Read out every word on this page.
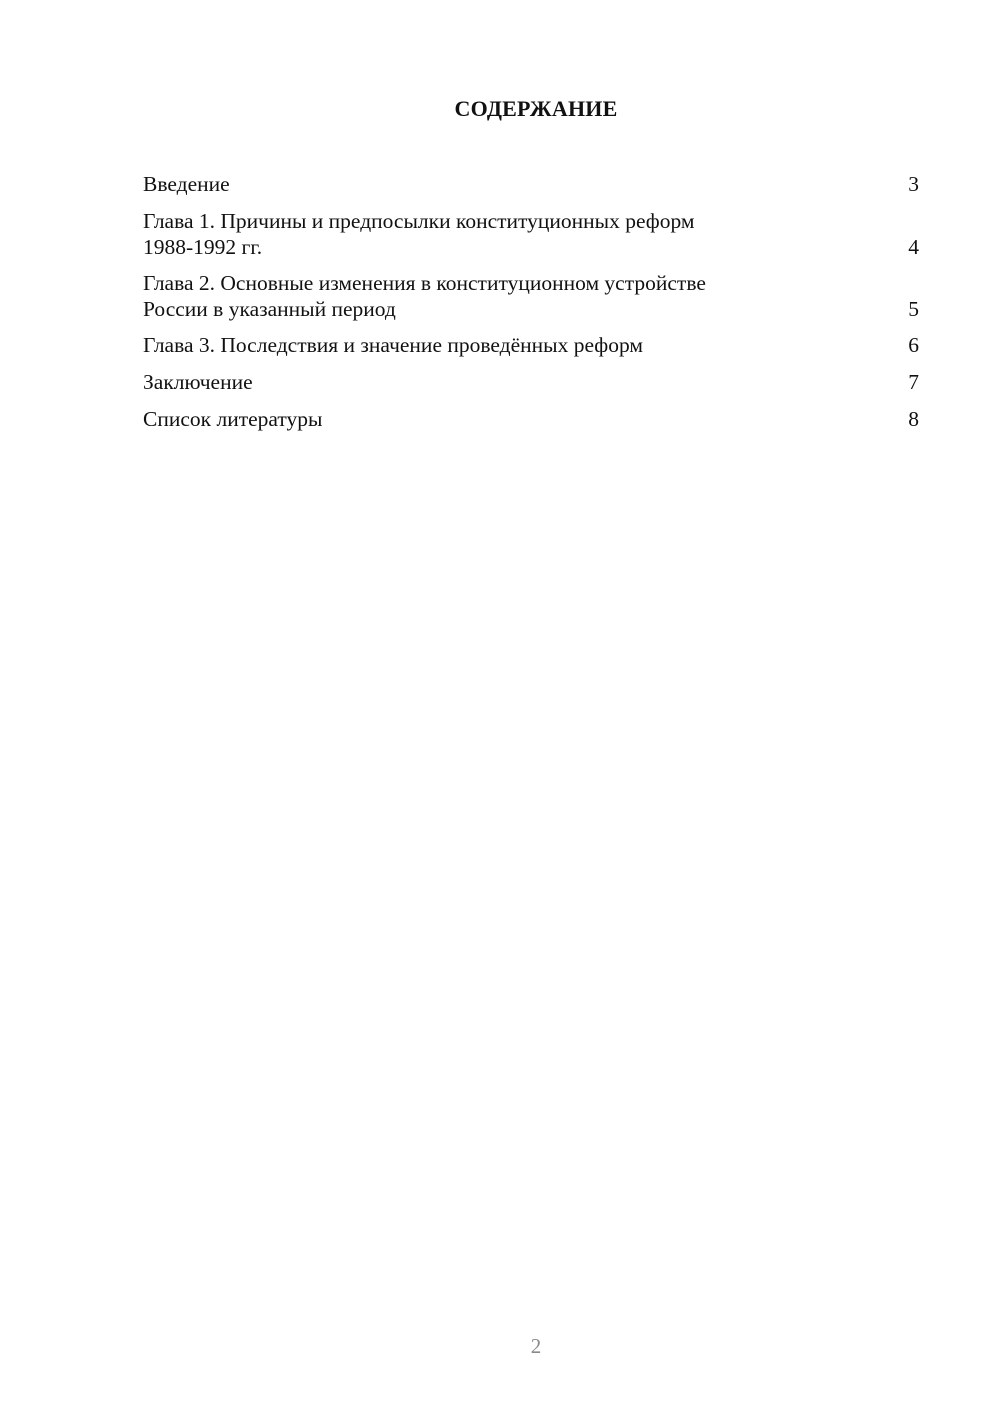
СОДЕРЖАНИЕ
Введение	3
Глава 1. Причины и предпосылки конституционных реформ
1988-1992 гг.	4
Глава 2. Основные изменения в конституционном устройстве
России в указанный период	5
Глава 3. Последствия и значение проведённых реформ	6
Заключение	7
Список литературы	8
2
